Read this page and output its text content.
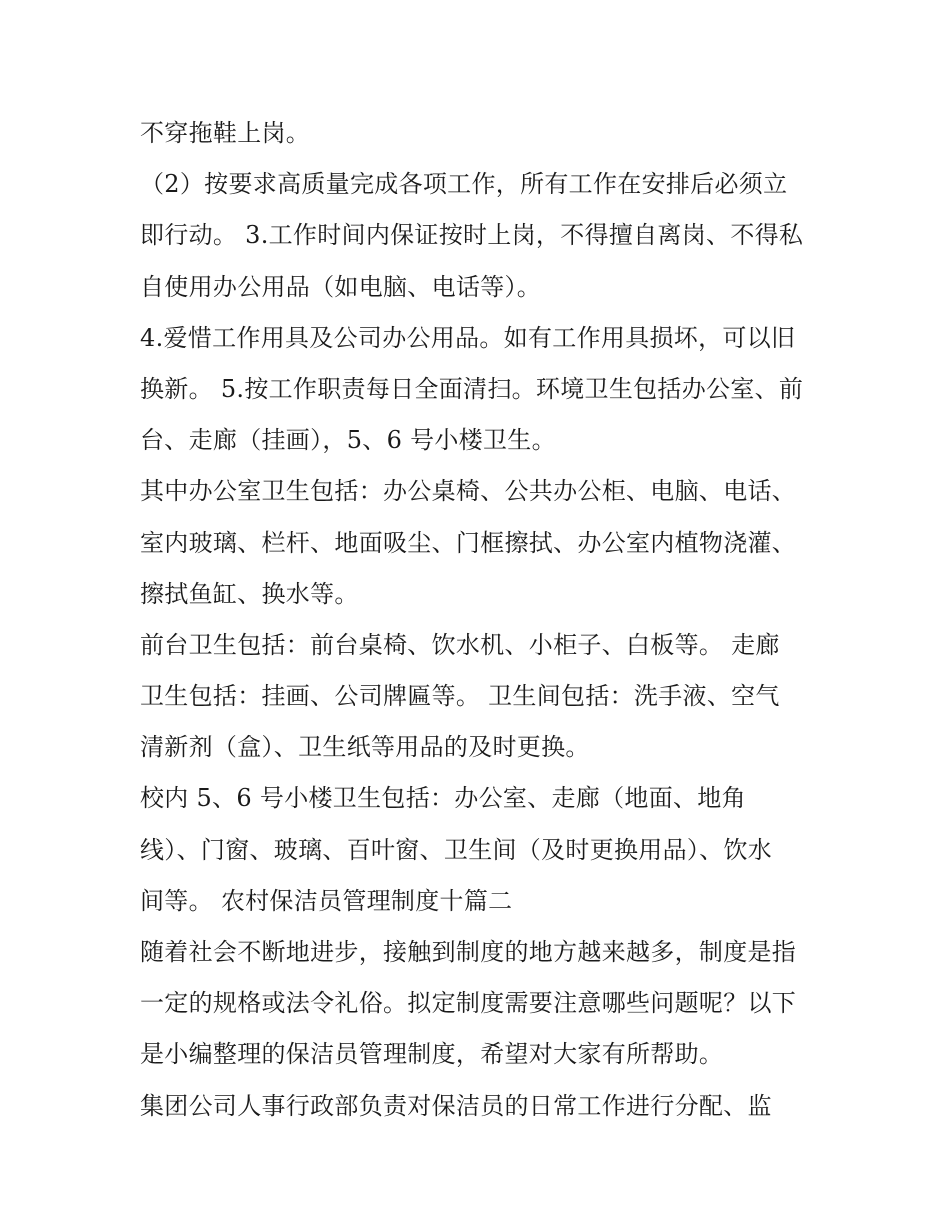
不穿拖鞋上岗。
（2）按要求高质量完成各项工作，所有工作在安排后必须立
即行动。 3.工作时间内保证按时上岗，不得擅自离岗、不得私
自使用办公用品（如电脑、电话等）。
4.爱惜工作用具及公司办公用品。如有工作用具损坏，可以旧
换新。 5.按工作职责每日全面清扫。环境卫生包括办公室、前
台、走廊（挂画），5、6 号小楼卫生。
其中办公室卫生包括：办公桌椅、公共办公柜、电脑、电话、
室内玻璃、栏杆、地面吸尘、门框擦拭、办公室内植物浇灌、
擦拭鱼缸、换水等。
前台卫生包括：前台桌椅、饮水机、小柜子、白板等。 走廊
卫生包括：挂画、公司牌匾等。 卫生间包括：洗手液、空气
清新剂（盒）、卫生纸等用品的及时更换。
校内 5、6 号小楼卫生包括：办公室、走廊（地面、地角
线）、门窗、玻璃、百叶窗、卫生间（及时更换用品）、饮水
间等。 农村保洁员管理制度十篇二
随着社会不断地进步，接触到制度的地方越来越多，制度是指
一定的规格或法令礼俗。拟定制度需要注意哪些问题呢？以下
是小编整理的保洁员管理制度，希望对大家有所帮助。
集团公司人事行政部负责对保洁员的日常工作进行分配、监
